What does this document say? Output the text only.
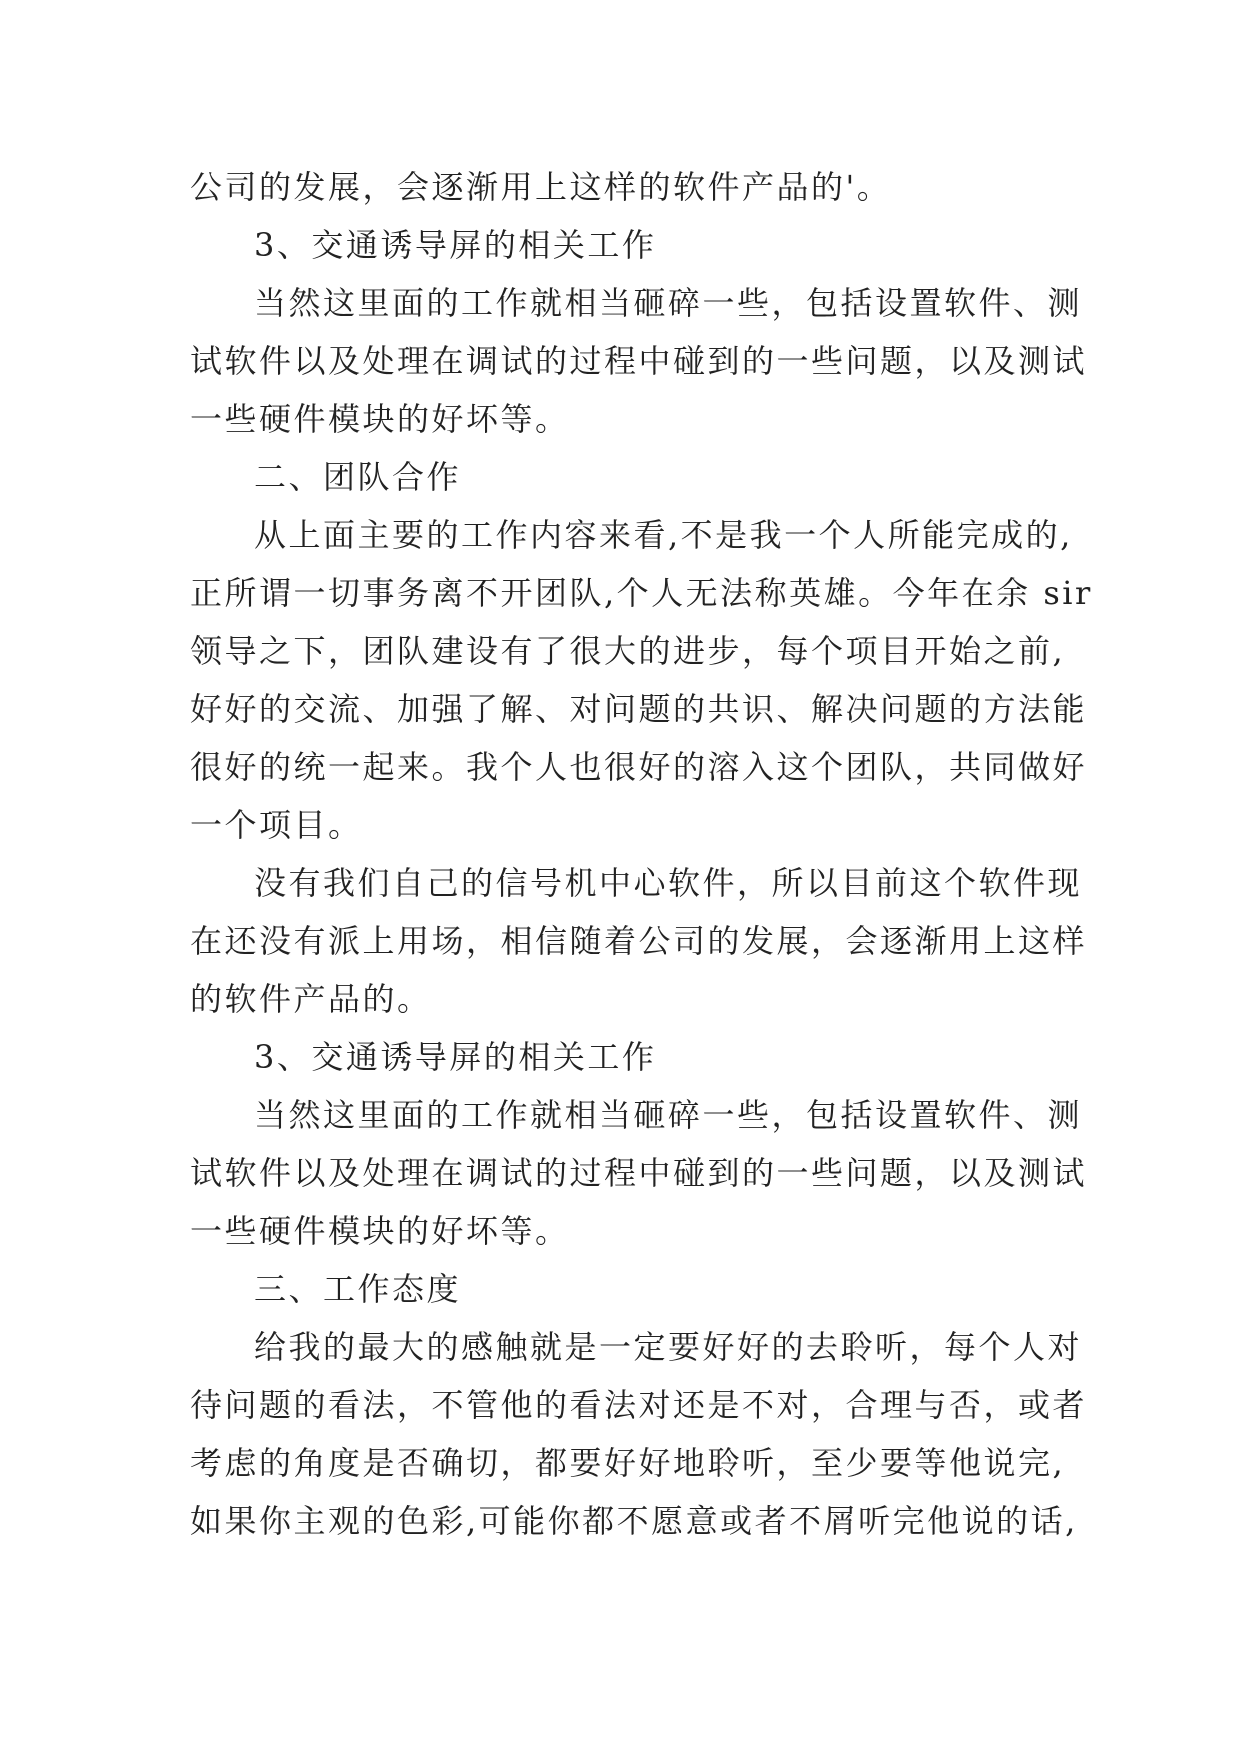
公司的发展，会逐渐用上这样的软件产品的'。
3、交通诱导屏的相关工作
当然这里面的工作就相当砸碎一些，包括设置软件、测
试软件以及处理在调试的过程中碰到的一些问题，以及测试
一些硬件模块的好坏等。
二、团队合作
从上面主要的工作内容来看,不是我一个人所能完成的,
正所谓一切事务离不开团队,个人无法称英雄。今年在余 sir
领导之下，团队建设有了很大的进步，每个项目开始之前,
好好的交流、加强了解、对问题的共识、解决问题的方法能
很好的统一起来。我个人也很好的溶入这个团队，共同做好
一个项目。
没有我们自己的信号机中心软件，所以目前这个软件现
在还没有派上用场，相信随着公司的发展，会逐渐用上这样
的软件产品的。
3、交通诱导屏的相关工作
当然这里面的工作就相当砸碎一些，包括设置软件、测
试软件以及处理在调试的过程中碰到的一些问题，以及测试
一些硬件模块的好坏等。
三、工作态度
给我的最大的感触就是一定要好好的去聆听，每个人对
待问题的看法，不管他的看法对还是不对，合理与否，或者
考虑的角度是否确切，都要好好地聆听，至少要等他说完,
如果你主观的色彩,可能你都不愿意或者不屑听完他说的话,
